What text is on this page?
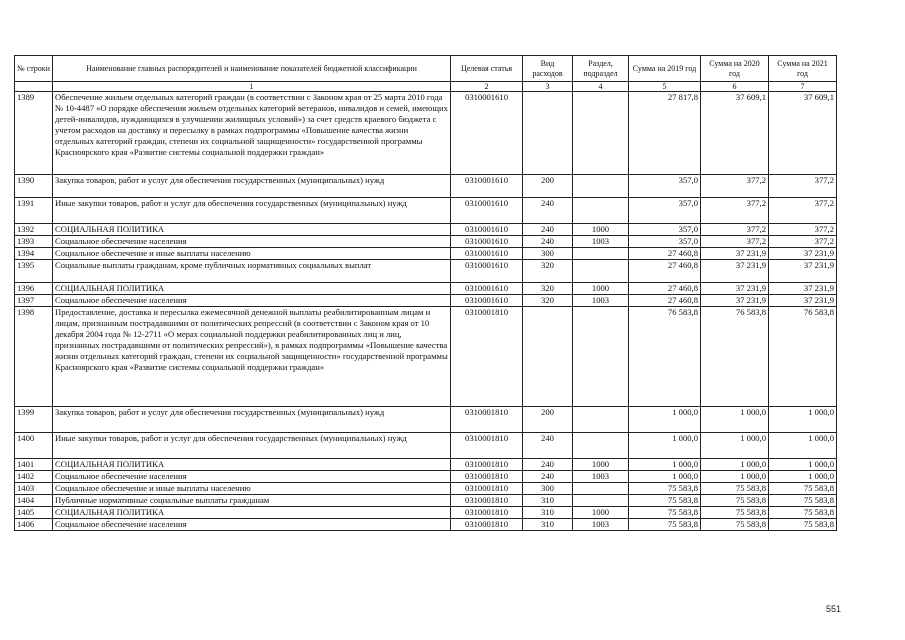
№ строки	Наименование главных распорядителей и наименование показателей бюджетной классификации	Целевая статья	Вид расходов	Раздел, подраздел	Сумма на 2019 год	Сумма на 2020 год	Сумма на 2021 год
	1	2	3	4	5	6	7
1389	Обеспечение жильем отдельных категорий граждан (в соответствии с Законом края от 25 марта 2010 года № 10-4487 «О порядке обеспечения жильем отдельных категорий ветеранов, инвалидов и семей, имеющих детей-инвалидов, нуждающихся в улучшении жилищных условий») за счет средств краевого бюджета с учетом расходов на доставку и пересылку в рамках подпрограммы «Повышение качества жизни отдельных категорий граждан, степени их социальной защищенности» государственной программы Красноярского края «Развитие системы социальной поддержки граждан»	0310001610			27 817,8	37 609,1	37 609,1
1390	Закупка товаров, работ и услуг для обеспечения государственных (муниципальных) нужд	0310001610	200		357,0	377,2	377,2
1391	Иные закупки товаров, работ и услуг для обеспечения государственных (муниципальных) нужд	0310001610	240		357,0	377,2	377,2
1392	СОЦИАЛЬНАЯ ПОЛИТИКА	0310001610	240	1000	357,0	377,2	377,2
1393	Социальное обеспечение населения	0310001610	240	1003	357,0	377,2	377,2
1394	Социальное обеспечение и иные выплаты населению	0310001610	300		27 460,8	37 231,9	37 231,9
1395	Социальные выплаты гражданам, кроме публичных нормативных социальных выплат	0310001610	320		27 460,8	37 231,9	37 231,9
1396	СОЦИАЛЬНАЯ ПОЛИТИКА	0310001610	320	1000	27 460,8	37 231,9	37 231,9
1397	Социальное обеспечение населения	0310001610	320	1003	27 460,8	37 231,9	37 231,9
1398	Предоставление, доставка и пересылка ежемесячной денежной выплаты реабилитированным лицам и лицам, признанным пострадавшими от политических репрессий (в соответствии с Законом края от 10 декабря 2004 года № 12-2711 «О мерах социальной поддержки реабилитированных лиц и лиц, признанных пострадавшими от политических репрессий»), в рамках подпрограммы «Повышение качества жизни отдельных категорий граждан, степени их социальной защищенности» государственной программы Красноярского края «Развитие системы социальной поддержки граждан»	0310001810			76 583,8	76 583,8	76 583,8
1399	Закупка товаров, работ и услуг для обеспечения государственных (муниципальных) нужд	0310001810	200		1 000,0	1 000,0	1 000,0
1400	Иные закупки товаров, работ и услуг для обеспечения государственных (муниципальных) нужд	0310001810	240		1 000,0	1 000,0	1 000,0
1401	СОЦИАЛЬНАЯ ПОЛИТИКА	0310001810	240	1000	1 000,0	1 000,0	1 000,0
1402	Социальное обеспечение населения	0310001810	240	1003	1 000,0	1 000,0	1 000,0
1403	Социальное обеспечение и иные выплаты населению	0310001810	300		75 583,8	75 583,8	75 583,8
1404	Публичные нормативные социальные выплаты гражданам	0310001810	310		75 583,8	75 583,8	75 583,8
1405	СОЦИАЛЬНАЯ ПОЛИТИКА	0310001810	310	1000	75 583,8	75 583,8	75 583,8
1406	Социальное обеспечение населения	0310001810	310	1003	75 583,8	75 583,8	75 583,8
551
